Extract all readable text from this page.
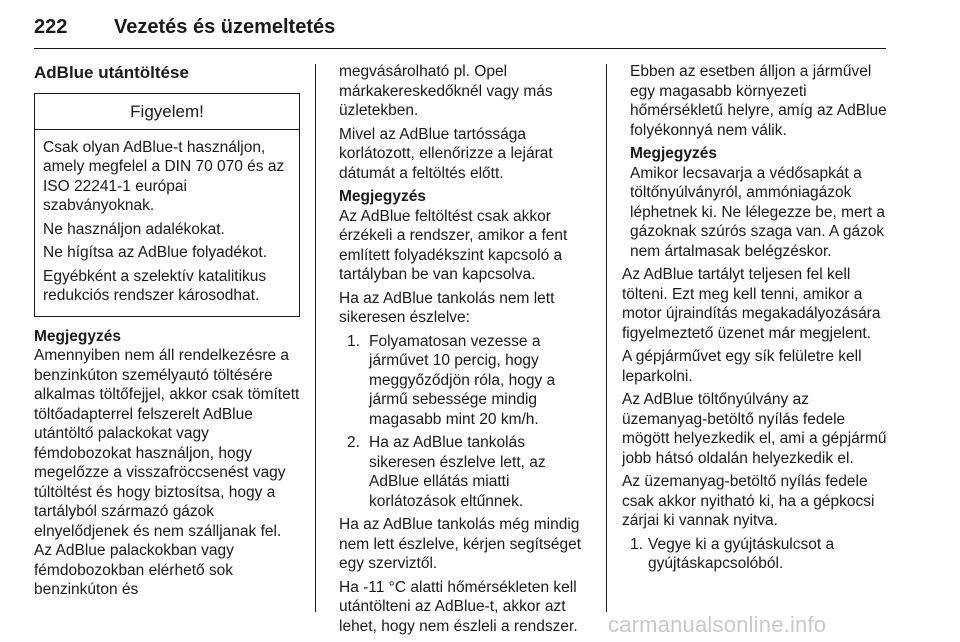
222 Vezetés és üzemeltetés
AdBlue utántöltése
Figyelem!

Csak olyan AdBlue-t használjon, amely megfelel a DIN 70 070 és az ISO 22241-1 európai szabványoknak.

Ne használjon adalékokat.

Ne hígítsa az AdBlue folyadékot.

Egyébként a szelektív katalitikus redukciós rendszer károsodhat.

Megjegyzés
Amennyiben nem áll rendelkezésre a benzinkúton személyautó töltésére alkalmas töltőfejjel, akkor csak tömített töltőadapterrel felszerelt AdBlue utántöltő palackokat vagy fémdobozokat használjon, hogy megelőzze a visszafröccsenést vagy túltöltést és hogy biztosítsa, hogy a tartályból származó gázok elnyelődjenek és nem szálljanak fel. Az AdBlue palackokban vagy fémdobozokban elérhető sok benzinkúton és

megvásárolható pl. Opel márkakereskedőknél vagy más üzletekben.

Mivel az AdBlue tartóssága korlátozott, ellenőrizze a lejárat dátumát a feltöltés előtt.

Megjegyzés
Az AdBlue feltöltést csak akkor érzékeli a rendszer, amikor a fent említett folyadékszint kapcsoló a tartályban be van kapcsolva.

Ha az AdBlue tankolás nem lett sikeresen észlelve:

1. Folyamatosan vezesse a járművet 10 percig, hogy meggyőződjön róla, hogy a jármű sebessége mindig magasabb mint 20 km/h.
2. Ha az AdBlue tankolás sikeresen észlelve lett, az AdBlue ellátás miatti korlátozások eltűnnek.

Ha az AdBlue tankolás még mindig nem lett észlelve, kérjen segítséget egy szerviztől.

Ha -11 °C alatti hőmérsékleten kell utántölteni az AdBlue-t, akkor azt lehet, hogy nem észleli a rendszer.

Ebben az esetben álljon a járművel egy magasabb környezeti hőmérsékletű helyre, amíg az AdBlue folyékonnyá nem válik.

Megjegyzés
Amikor lecsavarja a védősapkát a töltőnyúlványról, ammóniagázok léphetnek ki. Ne lélegezze be, mert a gázoknak szúrós szaga van. A gázok nem ártalmasak belégzéskor.

Az AdBlue tartályt teljesen fel kell tölteni. Ezt meg kell tenni, amikor a motor újraindítás megakadályozására figyelmeztető üzenet már megjelent.

A gépjárművet egy sík felületre kell leparkolni.

Az AdBlue töltőnyúlvány az üzemanyag-betöltő nyílás fedele mögött helyezkedik el, ami a gépjármű jobb hátsó oldalán helyezkedik el.

Az üzemanyag-betöltő nyílás fedele csak akkor nyitható ki, ha a gépkocsi zárjai ki vannak nyitva.

1. Vegye ki a gyújtáskulcsot a gyújtáskapcsolóból.
carmanualsonline.info
